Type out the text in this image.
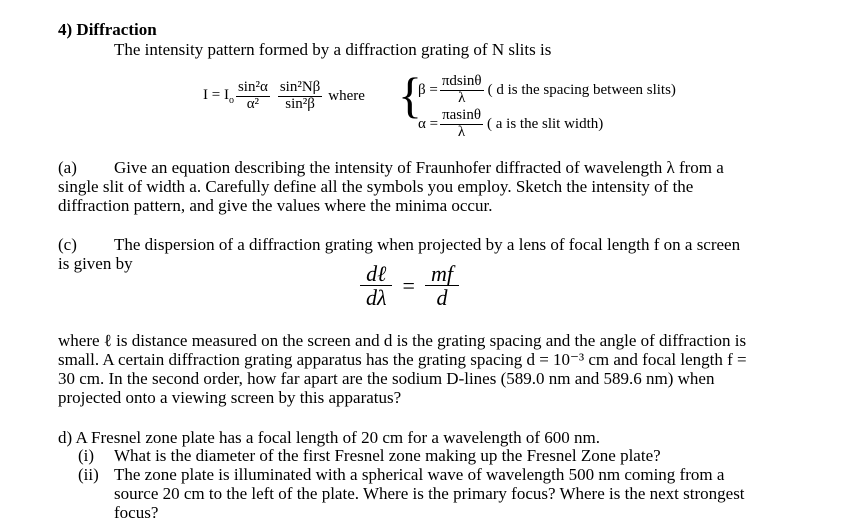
4) Diffraction
The intensity pattern formed by a diffraction grating of N slits is
$I = I_o \frac{\text{sin²α}}{\text{α²}} \frac{\text{sin²Nβ}}{\text{sin²β}}$ where {
$\beta = \frac{\pi dsin\theta}{\lambda}$ ( d is the spacing between slits)
$\alpha = \frac{\pi asin\theta}{\lambda}$ ( a is the slit width)
(a) Give an equation describing the intensity of Fraunhofer diffracted of wavelength λ from a
single slit of width a. Carefully define all the symbols you employ. Sketch the intensity of the
diffraction pattern, and give the values where the minima occur.
(c) The dispersion of a diffraction grating when projected by a lens of focal length f on a screen
is given by	$\frac{\text{dℓ}}{d\lambda} = \frac{mf}{d}$
where ℓ is distance measured on the screen and d is the grating spacing and the angle of diffraction is
small. A certain diffraction grating apparatus has the grating spacing d = 10⁻³ cm and focal length f =
30 cm. In the second order, how far apart are the sodium D-lines (589.0 nm and 589.6 nm) when
projected onto a viewing screen by this apparatus?
d) A Fresnel zone plate has a focal length of 20 cm for a wavelength of 600 nm.
(i) What is the diameter of the first Fresnel zone making up the Fresnel Zone plate?
(ii) The zone plate is illuminated with a spherical wave of wavelength 500 nm coming from a
source 20 cm to the left of the plate. Where is the primary focus? Where is the next strongest
focus?
